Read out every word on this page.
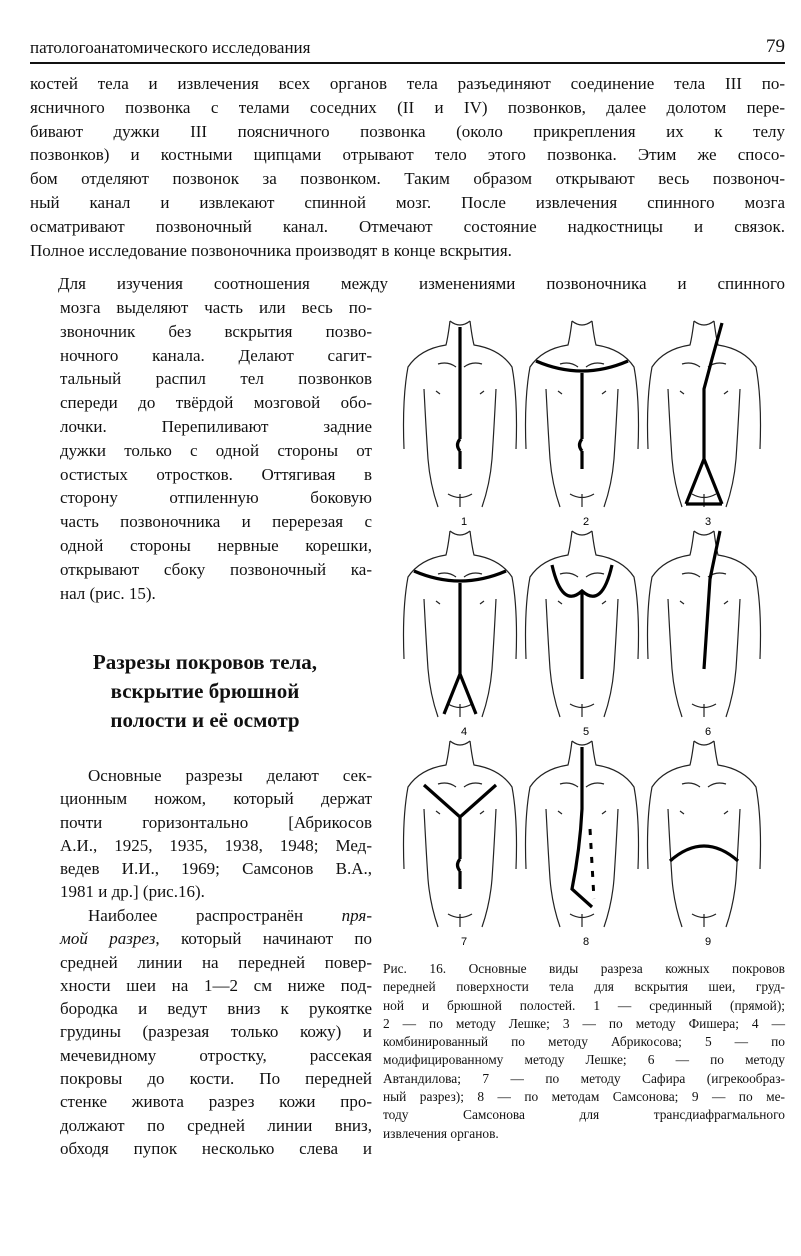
патологоанатомического исследования	79
костей тела и извлечения всех органов тела разъединяют соединение тела III по-
ясничного позвонка с телами соседних (II и IV) позвонков, далее долотом пере-
бивают дужки III поясничного позвонка (около прикрепления их к телу
позвонков) и костными щипцами отрывают тело этого позвонка. Этим же спосо-
бом отделяют позвонок за позвонком. Таким образом открывают весь позвоноч-
ный канал и извлекают спинной мозг. После извлечения спинного мозга
осматривают позвоночный канал. Отмечают состояние надкостницы и связок.
Полное исследование позвоночника производят в конце вскрытия.
Для изучения соотношения между изменениями позвоночника и спинного
мозга выделяют часть или весь по-
звоночник без вскрытия позво-
ночного канала. Делают сагит-
тальный распил тел позвонков
спереди до твёрдой мозговой обо-
лочки. Перепиливают задние
дужки только с одной стороны от
остистых отростков. Оттягивая в
сторону отпиленную боковую
часть позвоночника и перерезая с
одной стороны нервные корешки,
открывают сбоку позвоночный ка-
нал (рис. 15).
Разрезы покровов тела,
вскрытие брюшной
полости и её осмотр
Основные разрезы делают сек-
ционным ножом, который держат
почти горизонтально [Абрикосов
А.И., 1925, 1935, 1938, 1948; Мед-
ведев И.И., 1969; Самсонов В.А.,
1981 и др.] (рис.16).
Наиболее распространён пря-
мой разрез, который начинают по
средней линии на передней повер-
хности шеи на 1—2 см ниже под-
бородка и ведут вниз к рукоятке
грудины (разрезая только кожу) и
мечевидному отростку, рассекая
покровы до кости. По передней
стенке живота разрез кожи про-
должают по средней линии вниз,
обходя пупок несколько слева и
1	2	3
4	5	6
7	8	9
Рис. 16. Основные виды разреза кожных покровов
передней поверхности тела для вскрытия шеи, груд-
ной и брюшной полостей. 1 — срединный (прямой);
2 — по методу Лешке; 3 — по методу Фишера; 4 —
комбинированный по методу Абрикосова; 5 — по
модифицированному методу Лешке; 6 — по методу
Автандилова; 7 — по методу Сафира (игрекообраз-
ный разрез); 8 — по методам Самсонова; 9 — по ме-
тоду Самсонова для трансдиафрагмального
извлечения органов.
